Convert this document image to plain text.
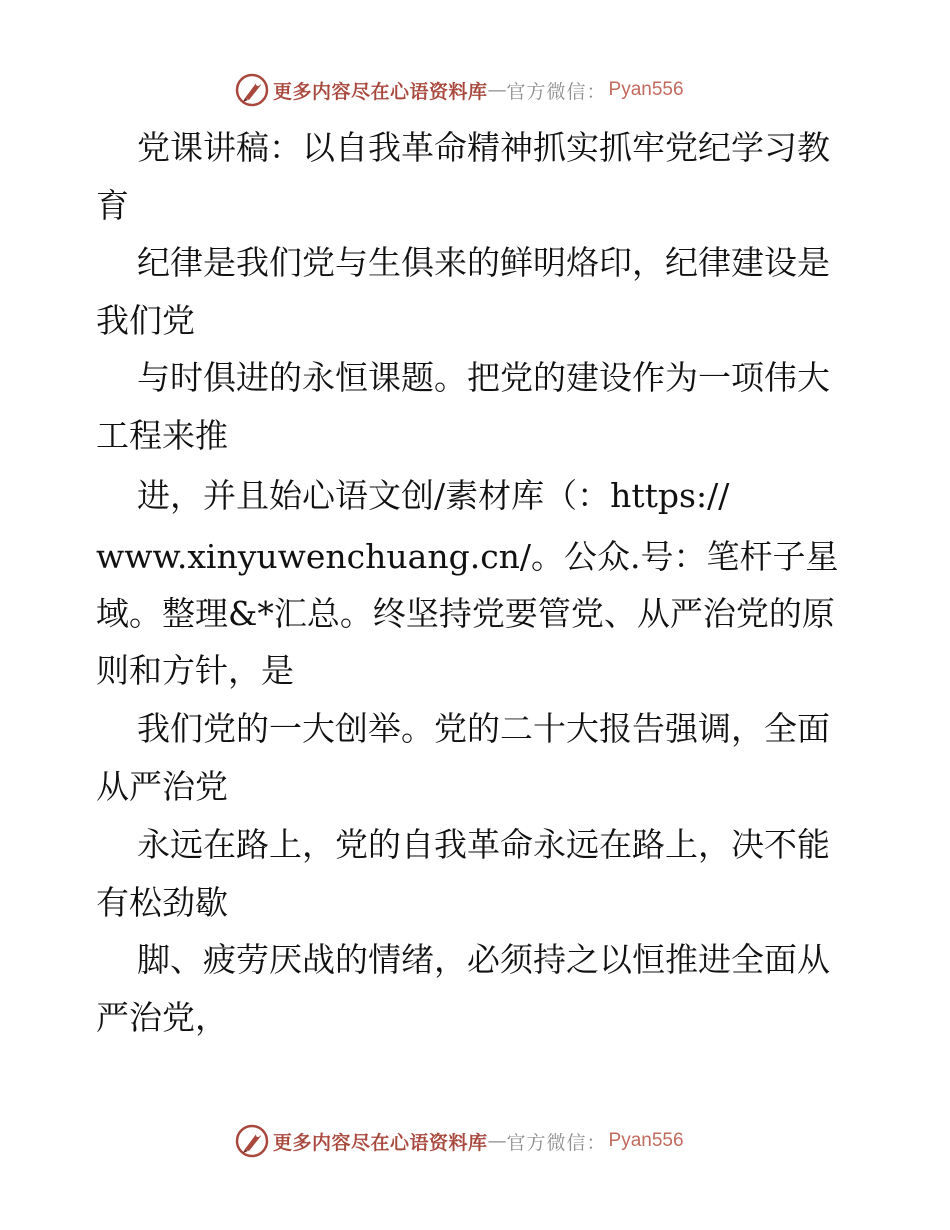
更多内容尽在心语资料库 — 官方微信： Pyan556
党课讲稿：以自我革命精神抓实抓牢党纪学习教
育
纪律是我们党与生俱来的鲜明烙印，纪律建设是
我们党
与时俱进的永恒课题。把党的建设作为一项伟大
工程来推
进，并且始心语文创/素材库（：https://
www.xinyuwenchuang.cn/。公众.号：笔杆子星
域。整理&*汇总。终坚持党要管党、从严治党的原
则和方针，是
我们党的一大创举。党的二十大报告强调，全面
从严治党
永远在路上，党的自我革命永远在路上，决不能
有松劲歇
脚、疲劳厌战的情绪，必须持之以恒推进全面从
严治党，
更多内容尽在心语资料库 — 官方微信： Pyan556
